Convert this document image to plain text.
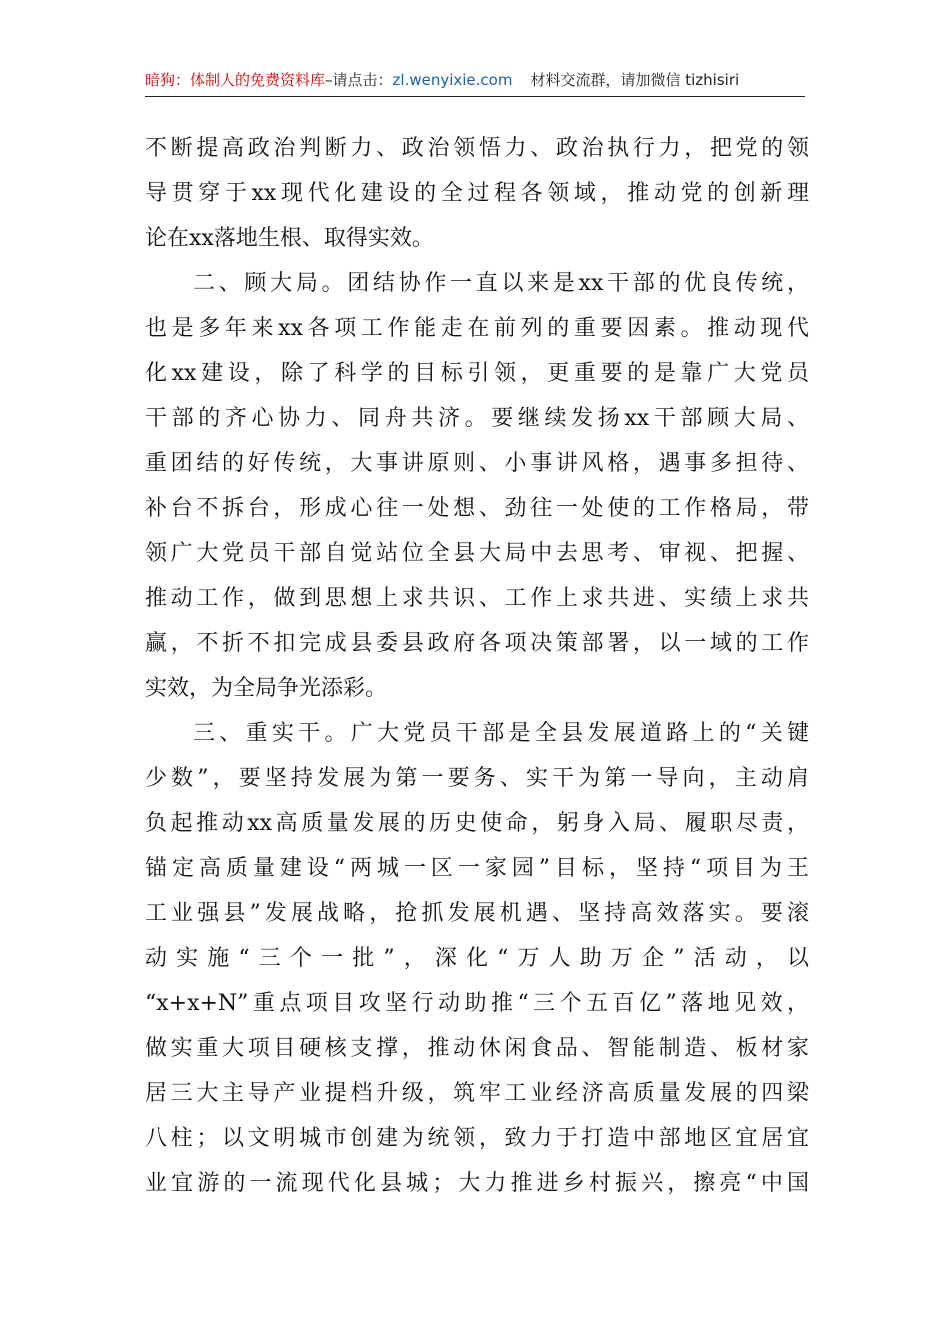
暗狗：体制人的免费资料库–请点击：zl.wenyixie.com 材料交流群，请加微信 tizhisiri
不断提高政治判断力、政治领悟力、政治执行力，把党的领
导贯穿于xx现代化建设的全过程各领域，推动党的创新理
论在xx落地生根、取得实效。
二、顾大局。团结协作一直以来是xx干部的优良传统，
也是多年来xx各项工作能走在前列的重要因素。推动现代
化xx建设，除了科学的目标引领，更重要的是靠广大党员
干部的齐心协力、同舟共济。要继续发扬xx干部顾大局、
重团结的好传统，大事讲原则、小事讲风格，遇事多担待、
补台不拆台，形成心往一处想、劲往一处使的工作格局，带
领广大党员干部自觉站位全县大局中去思考、审视、把握、
推动工作，做到思想上求共识、工作上求共进、实绩上求共
赢，不折不扣完成县委县政府各项决策部署，以一域的工作
实效，为全局争光添彩。
三、重实干。广大党员干部是全县发展道路上的“关键
少数”，要坚持发展为第一要务、实干为第一导向，主动肩
负起推动xx高质量发展的历史使命，躬身入局、履职尽责，
锚定高质量建设“两城一区一家园”目标，坚持“项目为王
工业强县”发展战略，抢抓发展机遇、坚持高效落实。要滚
动实施“三个一批”，深化“万人助万企”活动，以
“x+x+N”重点项目攻坚行动助推“三个五百亿”落地见效，
做实重大项目硬核支撑，推动休闲食品、智能制造、板材家
居三大主导产业提档升级，筑牢工业经济高质量发展的四梁
八柱；以文明城市创建为统领，致力于打造中部地区宜居宜
业宜游的一流现代化县城；大力推进乡村振兴，擦亮“中国
